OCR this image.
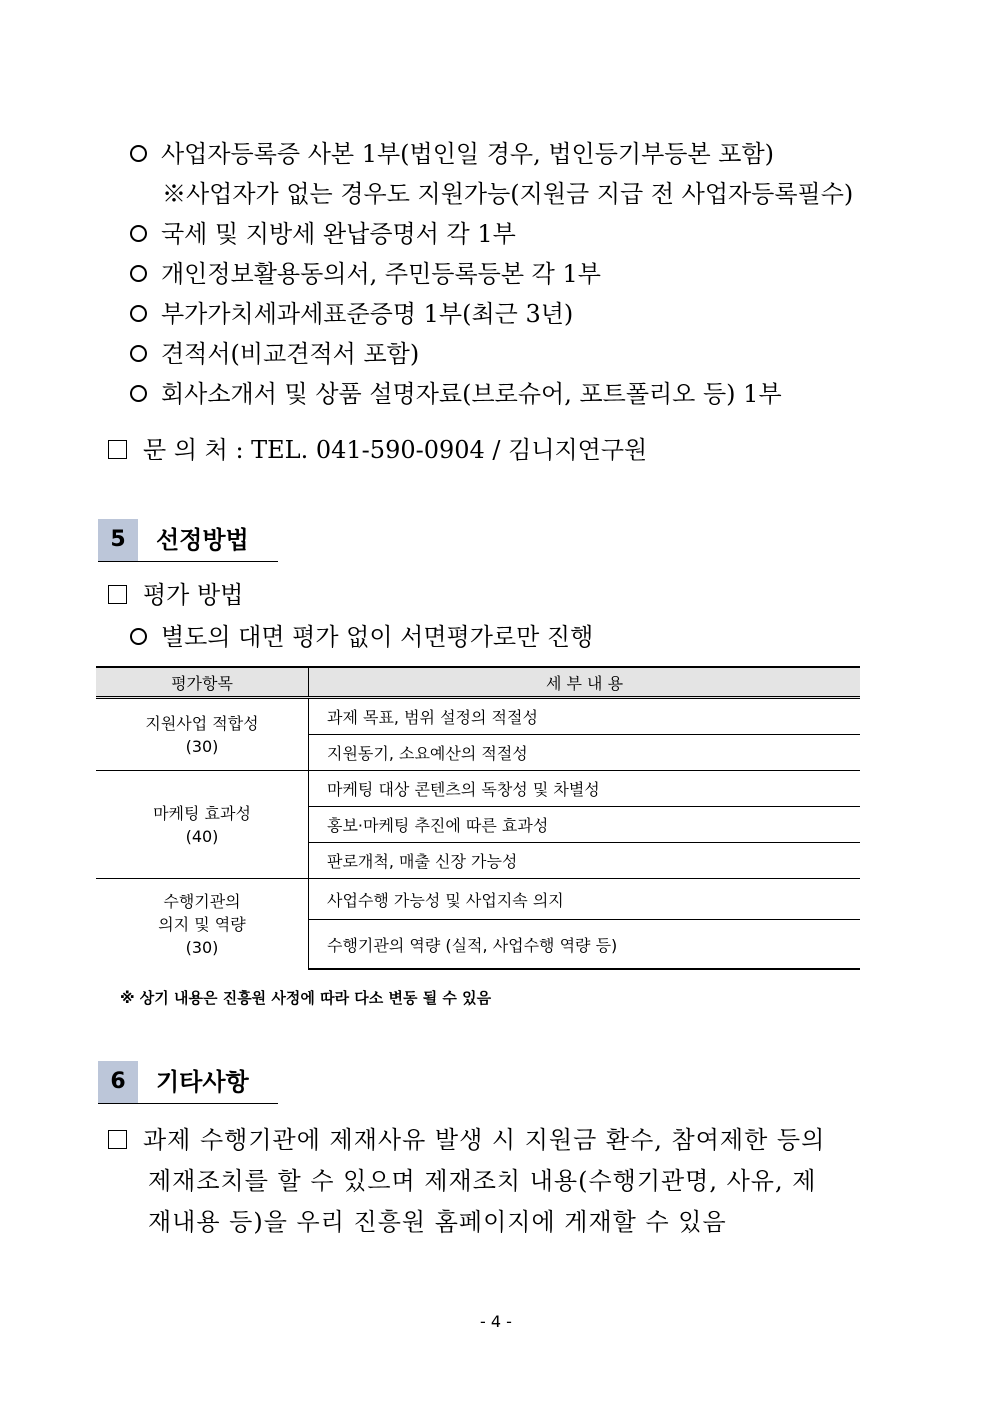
사업자등록증 사본 1부(법인일 경우, 법인등기부등본 포함)
※사업자가 없는 경우도 지원가능(지원금 지급 전 사업자등록필수)
국세 및 지방세 완납증명서 각 1부
개인정보활용동의서, 주민등록등본 각 1부
부가가치세과세표준증명 1부(최근 3년)
견적서(비교견적서 포함)
회사소개서 및 상품 설명자료(브로슈어, 포트폴리오 등) 1부
문 의 처 : TEL. 041-590-0904 / 김니지연구원
5	선정방법
평가 방법
별도의 대면 평가 없이 서면평가로만 진행
평가항목	세 부 내 용
지원사업 적합성
(30)	과제 목표, 범위 설정의 적절성
	지원동기, 소요예산의 적절성
마케팅 효과성
(40)	마케팅 대상 콘텐츠의 독창성 및 차별성
	홍보·마케팅 추진에 따른 효과성
	판로개척, 매출 신장 가능성
수행기관의
의지 및 역량
(30)	사업수행 가능성 및 사업지속 의지
	수행기관의 역량 (실적, 사업수행 역량 등)
※ 상기 내용은 진흥원 사정에 따라 다소 변동 될 수 있음
6	기타사항
과제 수행기관에 제재사유 발생 시 지원금 환수, 참여제한 등의
제재조치를 할 수 있으며 제재조치 내용(수행기관명, 사유, 제
재내용 등)을 우리 진흥원 홈페이지에 게재할 수 있음
- 4 -
